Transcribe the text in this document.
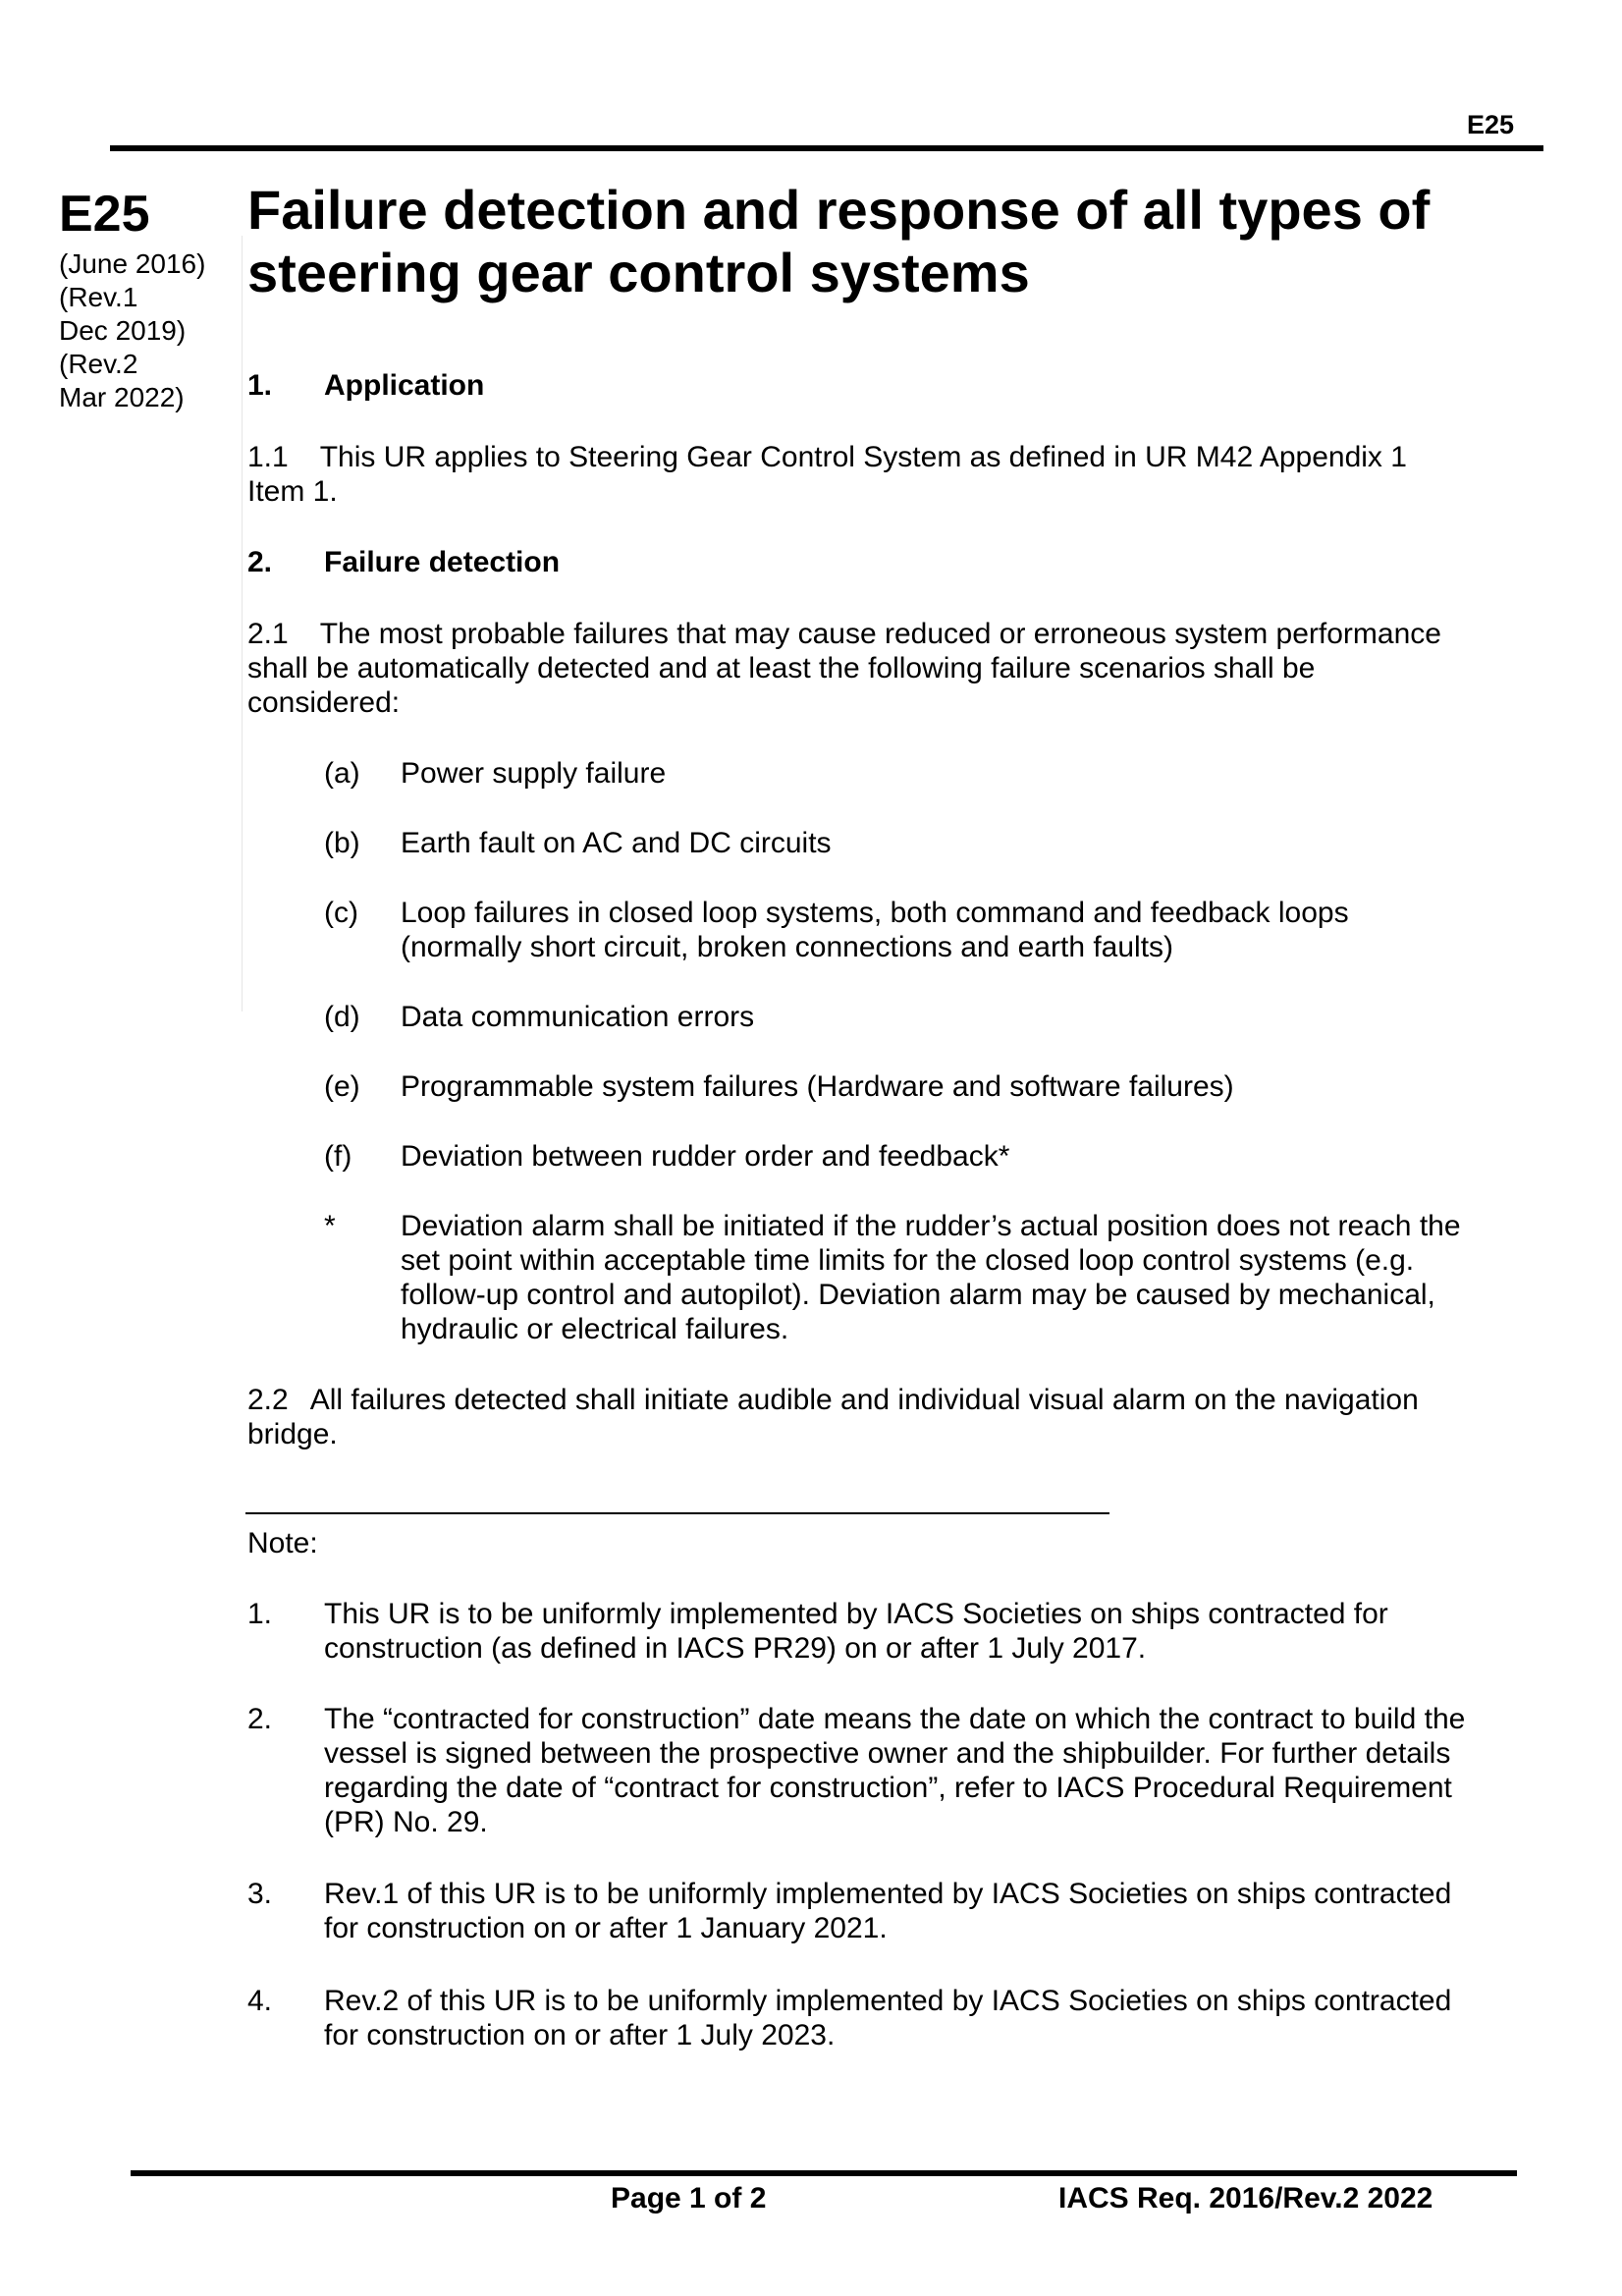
E25
E25
(June 2016)
(Rev.1
Dec 2019)
(Rev.2
Mar 2022)
Failure detection and response of all types of
steering gear control systems
1. Application
1.1 This UR applies to Steering Gear Control System as defined in UR M42 Appendix 1
Item 1.
2. Failure detection
2.1 The most probable failures that may cause reduced or erroneous system performance
shall be automatically detected and at least the following failure scenarios shall be
considered:
(a) Power supply failure
(b) Earth fault on AC and DC circuits
(c) Loop failures in closed loop systems, both command and feedback loops
(normally short circuit, broken connections and earth faults)
(d) Data communication errors
(e) Programmable system failures (Hardware and software failures)
(f) Deviation between rudder order and feedback*
* Deviation alarm shall be initiated if the rudder’s actual position does not reach the
set point within acceptable time limits for the closed loop control systems (e.g.
follow-up control and autopilot). Deviation alarm may be caused by mechanical,
hydraulic or electrical failures.
2.2 All failures detected shall initiate audible and individual visual alarm on the navigation
bridge.
Note:
1. This UR is to be uniformly implemented by IACS Societies on ships contracted for
construction (as defined in IACS PR29) on or after 1 July 2017.
2. The “contracted for construction” date means the date on which the contract to build the
vessel is signed between the prospective owner and the shipbuilder. For further details
regarding the date of “contract for construction”, refer to IACS Procedural Requirement
(PR) No. 29.
3. Rev.1 of this UR is to be uniformly implemented by IACS Societies on ships contracted
for construction on or after 1 January 2021.
4. Rev.2 of this UR is to be uniformly implemented by IACS Societies on ships contracted
for construction on or after 1 July 2023.
Page 1 of 2	IACS Req. 2016/Rev.2 2022
